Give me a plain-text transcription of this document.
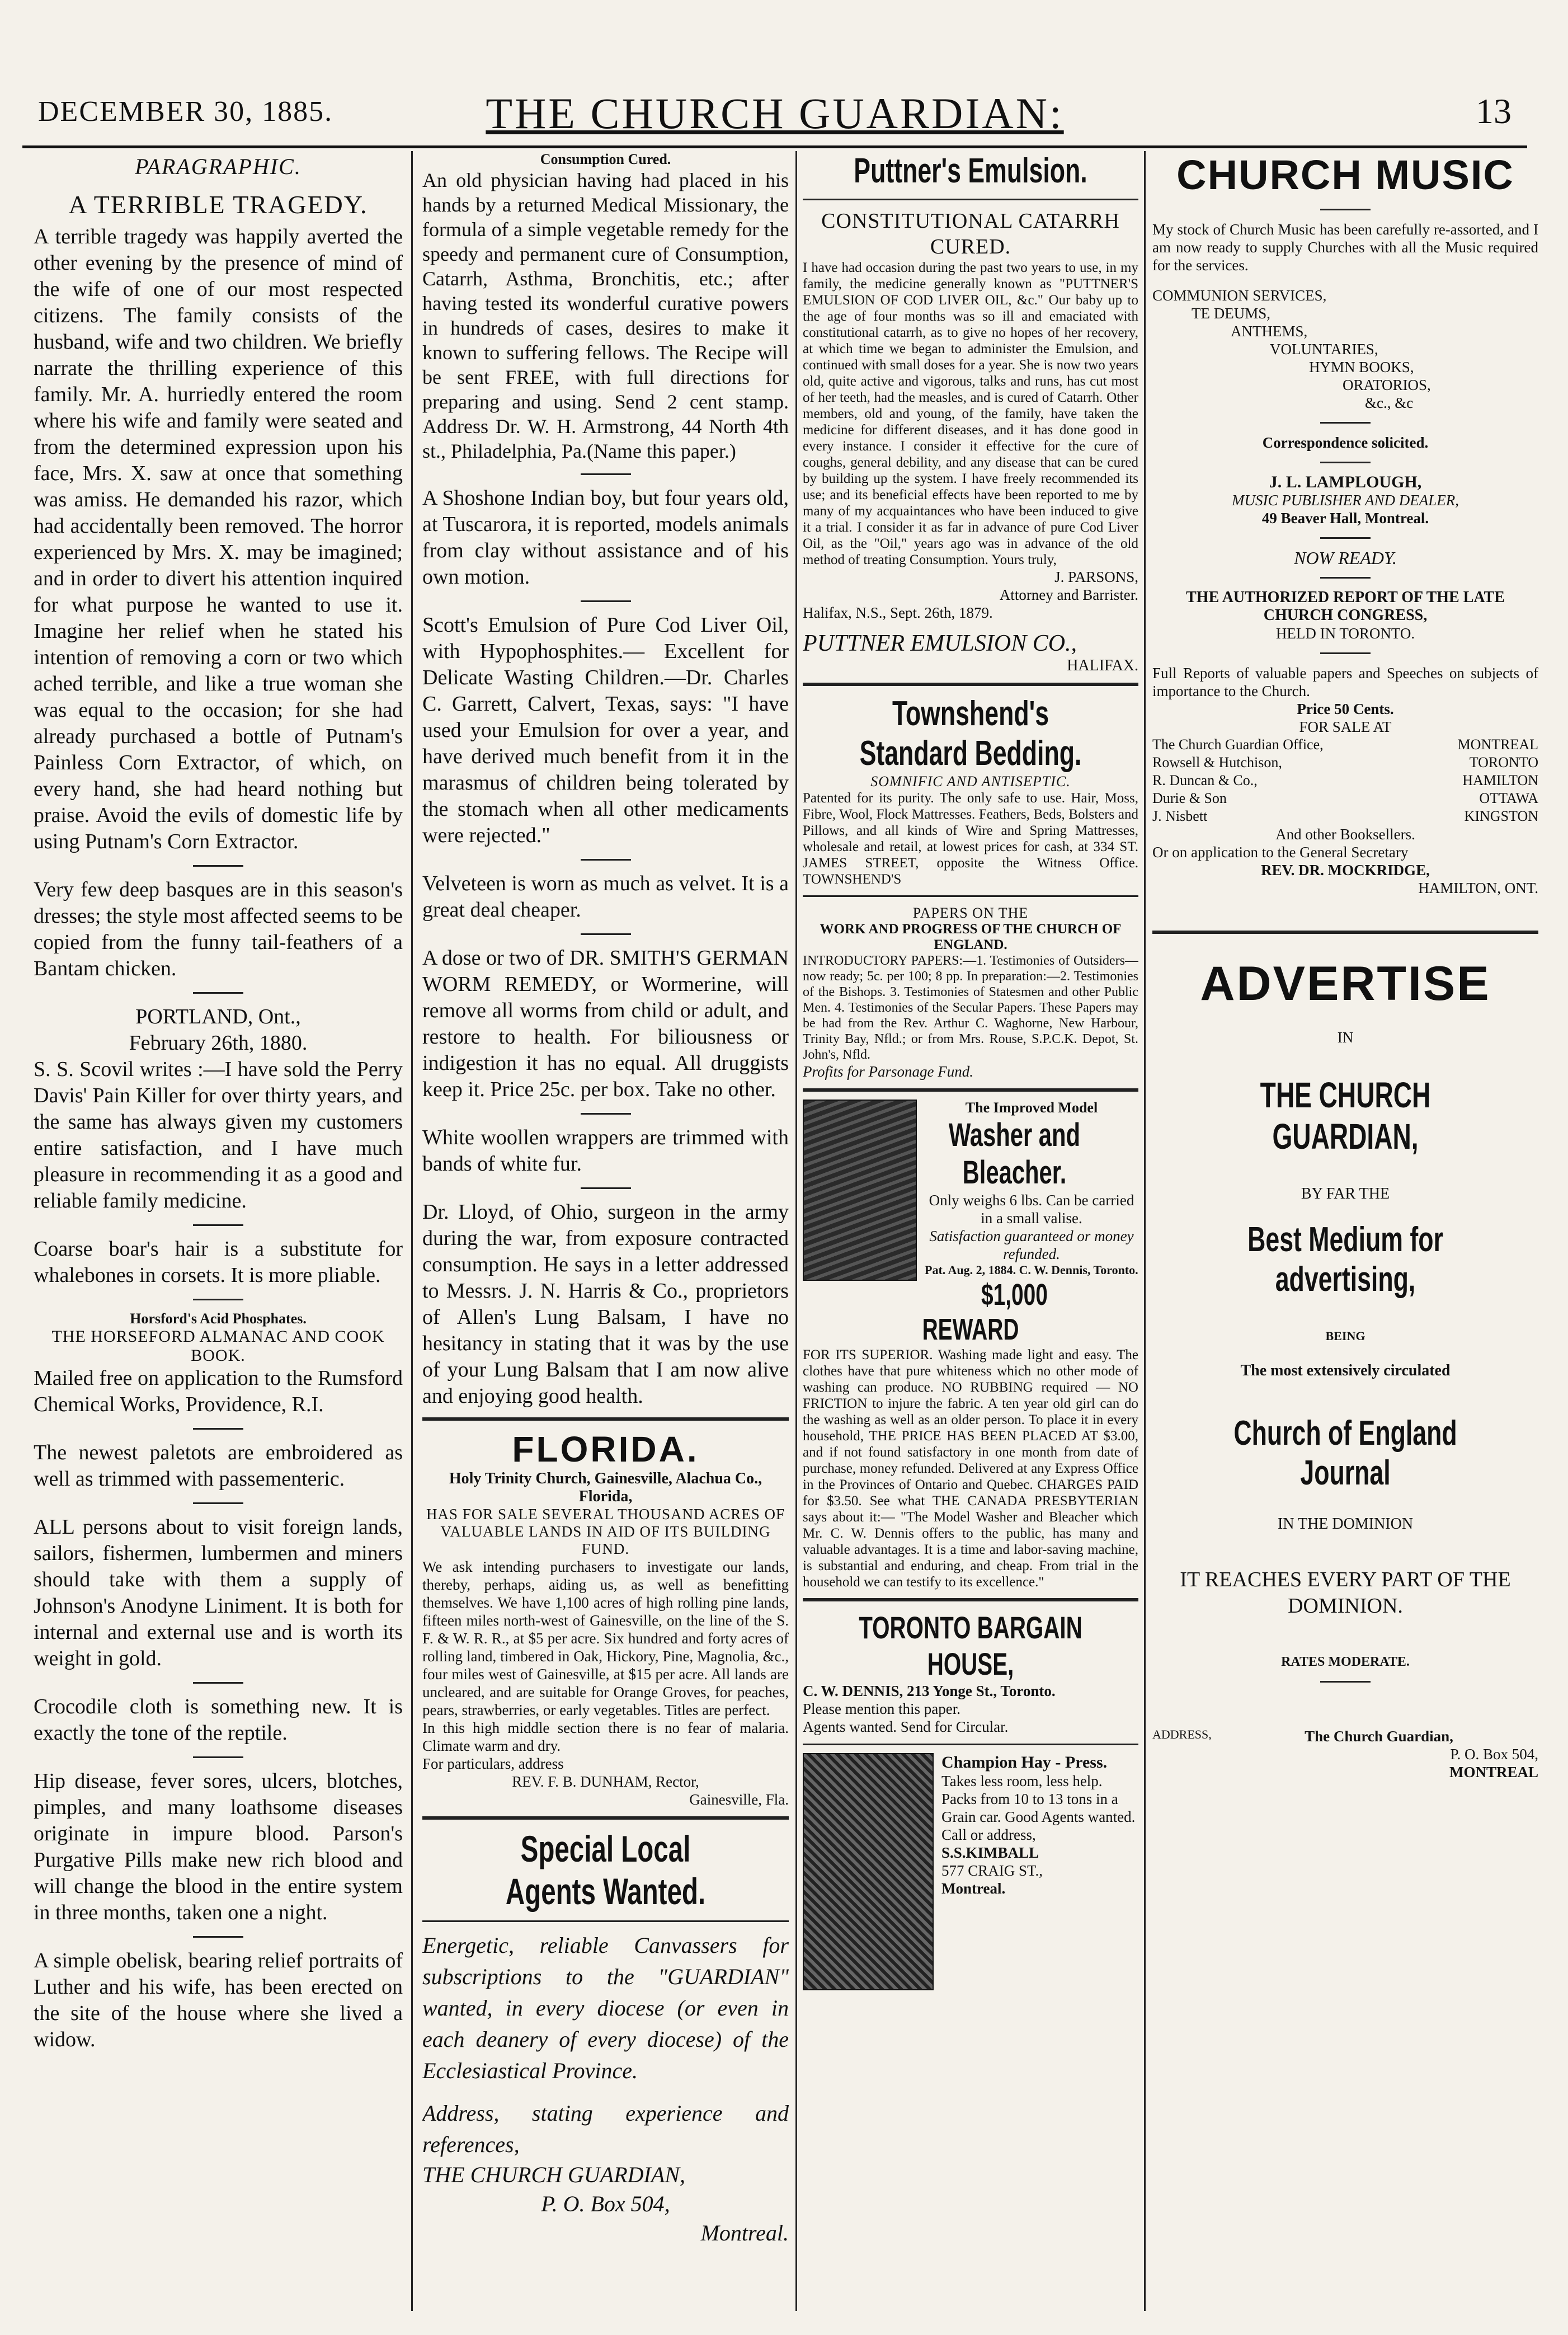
DECEMBER 30, 1885.	THE CHURCH GUARDIAN:	13
PARAGRAPHIC.
A TERRIBLE TRAGEDY.

A terrible tragedy was happily averted the other evening by the presence of mind of the wife of one of our most respected citizens. The family consists of the husband, wife and two children. We briefly narrate the thrilling experience of this family. Mr. A. hurriedly entered the room where his wife and family were seated and from the determined expression upon his face, Mrs. X. saw at once that something was amiss. He demanded his razor, which had accidentally been removed. The horror experienced by Mrs. X. may be imagined; and in order to divert his attention inquired for what purpose he wanted to use it. Imagine her relief when he stated his intention of removing a corn or two which ached terrible, and like a true woman she was equal to the occasion; for she had already purchased a bottle of Putnam's Painless Corn Extractor, of which, on every hand, she had heard nothing but praise. Avoid the evils of domestic life by using Putnam's Corn Extractor.

Very few deep basques are in this season's dresses; the style most affected seems to be copied from the funny tail-feathers of a Bantam chicken.

PORTLAND, Ont.,

February 26th, 1880.

S. S. Scovil writes :—I have sold the Perry Davis' Pain Killer for over thirty years, and the same has always given my customers entire satisfaction, and I have much pleasure in recommending it as a good and reliable family medicine.

Coarse boar's hair is a substitute for whalebones in corsets. It is more pliable.

Horsford's Acid Phosphates.
THE HORSEFORD ALMANAC AND COOK BOOK.

Mailed free on application to the Rumsford Chemical Works, Providence, R.I.

The newest paletots are embroidered as well as trimmed with passementeric.

ALL persons about to visit foreign lands, sailors, fishermen, lumbermen and miners should take with them a supply of Johnson's Anodyne Liniment. It is both for internal and external use and is worth its weight in gold.

Crocodile cloth is something new. It is exactly the tone of the reptile.

Hip disease, fever sores, ulcers, blotches, pimples, and many loathsome diseases originate in impure blood. Parson's Purgative Pills make new rich blood and will change the blood in the entire system in three months, taken one a night.

A simple obelisk, bearing relief portraits of Luther and his wife, has been erected on the site of the house where she lived a widow.

Consumption Cured.

An old physician having had placed in his hands by a returned Medical Missionary, the formula of a simple vegetable remedy for the speedy and permanent cure of Consumption, Catarrh, Asthma, Bronchitis, etc.; after having tested its wonderful curative powers in hundreds of cases, desires to make it known to suffering fellows. The Recipe will be sent FREE, with full directions for preparing and using. Send 2 cent stamp. Address Dr. W. H. Armstrong, 44 North 4th st., Philadelphia, Pa.(Name this paper.)

A Shoshone Indian boy, but four years old, at Tuscarora, it is reported, models animals from clay without assistance and of his own motion.

Scott's Emulsion of Pure Cod Liver Oil, with Hypophosphites.— Excellent for Delicate Wasting Children.—Dr. Charles C. Garrett, Calvert, Texas, says: "I have used your Emulsion for over a year, and have derived much benefit from it in the marasmus of children being tolerated by the stomach when all other medicaments were rejected."

Velveteen is worn as much as velvet. It is a great deal cheaper.

A dose or two of DR. SMITH'S GERMAN WORM REMEDY, or Wormerine, will remove all worms from child or adult, and restore to health. For biliousness or indigestion it has no equal. All druggists keep it. Price 25c. per box. Take no other.

White woollen wrappers are trimmed with bands of white fur.

Dr. Lloyd, of Ohio, surgeon in the army during the war, from exposure contracted consumption. He says in a letter addressed to Messrs. J. N. Harris & Co., proprietors of Allen's Lung Balsam, I have no hesitancy in stating that it was by the use of your Lung Balsam that I am now alive and enjoying good health.

FLORIDA.
Holy Trinity Church, Gainesville, Alachua Co., Florida,
HAS FOR SALE SEVERAL THOUSAND ACRES OF VALUABLE LANDS IN AID OF ITS BUILDING FUND.

We ask intending purchasers to investigate our lands, thereby, perhaps, aiding us, as well as benefitting themselves. We have 1,100 acres of high rolling pine lands, fifteen miles north-west of Gainesville, on the line of the S. F. & W. R. R., at $5 per acre. Six hundred and forty acres of rolling land, timbered in Oak, Hickory, Pine, Magnolia, &c., four miles west of Gainesville, at $15 per acre. All lands are uncleared, and are suitable for Orange Groves, for peaches, pears, strawberries, or early vegetables. Titles are perfect.

In this high middle section there is no fear of malaria. Climate warm and dry.

For particulars, address

REV. F. B. DUNHAM, Rector,

Gainesville, Fla.

Special Local Agents Wanted.

Energetic, reliable Canvassers for subscriptions to the "GUARDIAN" wanted, in every diocese (or even in each deanery of every diocese) of the Ecclesiastical Province.

Address, stating experience and references,

THE CHURCH GUARDIAN,

P. O. Box 504,

Montreal.

Puttner's Emulsion.
CONSTITUTIONAL CATARRH CURED.

I have had occasion during the past two years to use, in my family, the medicine generally known as "PUTTNER'S EMULSION OF COD LIVER OIL, &c." Our baby up to the age of four months was so ill and emaciated with constitutional catarrh, as to give no hopes of her recovery, at which time we began to administer the Emulsion, and continued with small doses for a year. She is now two years old, quite active and vigorous, talks and runs, has cut most of her teeth, had the measles, and is cured of Catarrh. Other members, old and young, of the family, have taken the medicine for different diseases, and it has done good in every instance. I consider it effective for the cure of coughs, general debility, and any disease that can be cured by building up the system. I have freely recommended its use; and its beneficial effects have been reported to me by many of my acquaintances who have been induced to give it a trial. I consider it as far in advance of pure Cod Liver Oil, as the "Oil," years ago was in advance of the old method of treating Consumption. Yours truly,

J. PARSONS,

Attorney and Barrister.

Halifax, N.S., Sept. 26th, 1879.

PUTTNER EMULSION CO.,

HALIFAX.

Townshend's Standard Bedding.
SOMNIFIC AND ANTISEPTIC.

Patented for its purity. The only safe to use. Hair, Moss, Fibre, Wool, Flock Mattresses. Feathers, Beds, Bolsters and Pillows, and all kinds of Wire and Spring Mattresses, wholesale and retail, at lowest prices for cash, at 334 ST. JAMES STREET, opposite the Witness Office. TOWNSHEND'S

PAPERS ON THE
WORK AND PROGRESS OF THE CHURCH OF ENGLAND.

INTRODUCTORY PAPERS:—1. Testimonies of Outsiders—now ready; 5c. per 100; 8 pp. In preparation:—2. Testimonies of the Bishops. 3. Testimonies of Statesmen and other Public Men. 4. Testimonies of the Secular Papers. These Papers may be had from the Rev. Arthur C. Waghorne, New Harbour, Trinity Bay, Nfld.; or from Mrs. Rouse, S.P.C.K. Depot, St. John's, Nfld.

Profits for Parsonage Fund.

The Improved Model
Washer and Bleacher.

Only weighs 6 lbs. Can be carried in a small valise.

Satisfaction guaranteed or money refunded.

Pat. Aug. 2, 1884. C. W. Dennis, Toronto.

$1,000 REWARD

FOR ITS SUPERIOR. Washing made light and easy. The clothes have that pure whiteness which no other mode of washing can produce. NO RUBBING required — NO FRICTION to injure the fabric. A ten year old girl can do the washing as well as an older person. To place it in every household, THE PRICE HAS BEEN PLACED AT $3.00, and if not found satisfactory in one month from date of purchase, money refunded. Delivered at any Express Office in the Provinces of Ontario and Quebec. CHARGES PAID for $3.50. See what THE CANADA PRESBYTERIAN says about it:— "The Model Washer and Bleacher which Mr. C. W. Dennis offers to the public, has many and valuable advantages. It is a time and labor-saving machine, is substantial and enduring, and cheap. From trial in the household we can testify to its excellence."

TORONTO BARGAIN HOUSE,

C. W. DENNIS, 213 Yonge St., Toronto.

Please mention this paper.

Agents wanted. Send for Circular.

Champion Hay - Press.

Takes less room, less help. Packs from 10 to 13 tons in a Grain car. Good Agents wanted. Call or address,

S.S.KIMBALL

577 CRAIG ST.,

Montreal.

CHURCH MUSIC

My stock of Church Music has been carefully re-assorted, and I am now ready to supply Churches with all the Music required for the services.

COMMUNION SERVICES,

TE DEUMS,

ANTHEMS,

VOLUNTARIES,

HYMN BOOKS,

ORATORIOS,

&c., &c

Correspondence solicited.

J. L. LAMPLOUGH,

MUSIC PUBLISHER AND DEALER,

49 Beaver Hall, Montreal.

NOW READY.

THE AUTHORIZED REPORT OF THE LATE CHURCH CONGRESS,

HELD IN TORONTO.

Full Reports of valuable papers and Speeches on subjects of importance to the Church.

Price 50 Cents.

FOR SALE AT

The Church Guardian Office,	MONTREAL
Rowsell & Hutchison,	TORONTO
R. Duncan & Co.,	HAMILTON
Durie & Son	OTTAWA
J. Nisbett	KINGSTON

And other Booksellers.

Or on application to the General Secretary

REV. DR. MOCKRIDGE,

HAMILTON, ONT.

ADVERTISE

IN

THE CHURCH GUARDIAN,

BY FAR THE

Best Medium for advertising,

BEING

The most extensively circulated

Church of England Journal

IN THE DOMINION

IT REACHES EVERY PART OF THE DOMINION.

RATES MODERATE.

ADDRESS,	The Church Guardian,

P. O. Box 504,

MONTREAL
